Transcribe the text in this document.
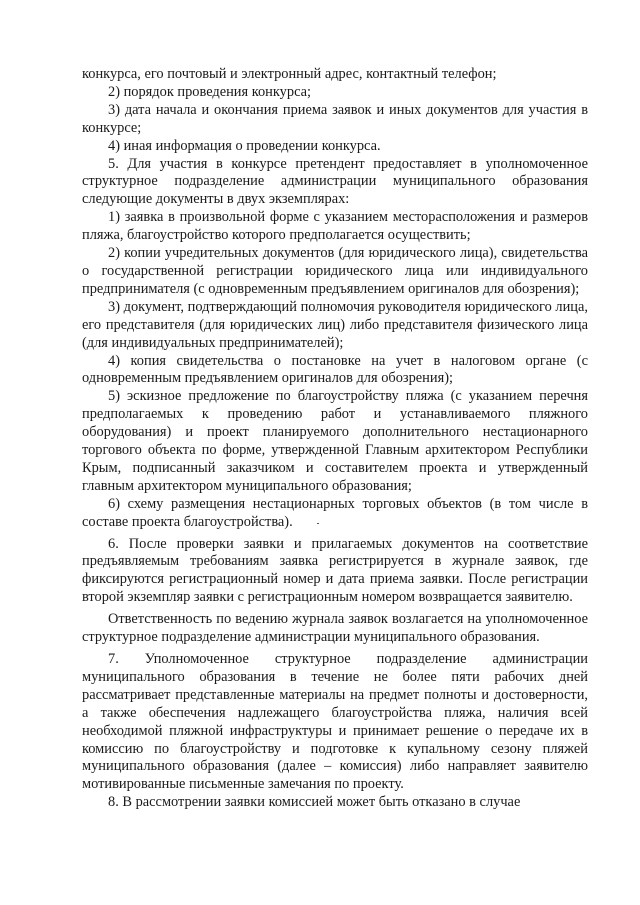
конкурса, его почтовый и электронный адрес, контактный телефон;

2) порядок проведения конкурса;

3) дата начала и окончания приема заявок и иных документов для участия в конкурсе;

4) иная информация о проведении конкурса.

5. Для участия в конкурсе претендент предоставляет в уполномоченное структурное подразделение администрации муниципального образования следующие документы в двух экземплярах:

1) заявка в произвольной форме с указанием месторасположения и размеров пляжа, благоустройство которого предполагается осуществить;

2) копии учредительных документов (для юридического лица), свидетельства о государственной регистрации юридического лица или индивидуального предпринимателя (с одновременным предъявлением оригиналов для обозрения);

3) документ, подтверждающий полномочия руководителя юридического лица, его представителя (для юридических лиц) либо представителя физического лица (для индивидуальных предпринимателей);

4) копия свидетельства о постановке на учет в налоговом органе (с одновременным предъявлением оригиналов для обозрения);

5) эскизное предложение по благоустройству пляжа (с указанием перечня предполагаемых к проведению работ и устанавливаемого пляжного оборудования) и проект планируемого дополнительного нестационарного торгового объекта по форме, утвержденной Главным архитектором Республики Крым, подписанный заказчиком и составителем проекта и утвержденный главным архитектором муниципального образования;

6) схему размещения нестационарных торговых объектов (в том числе в составе проекта благоустройства).

6. После проверки заявки и прилагаемых документов на соответствие предъявляемым требованиям заявка регистрируется в журнале заявок, где фиксируются регистрационный номер и дата приема заявки. После регистрации второй экземпляр заявки с регистрационным номером возвращается заявителю.

Ответственность по ведению журнала заявок возлагается на уполномоченное структурное подразделение администрации муниципального образования.

7. Уполномоченное структурное подразделение администрации муниципального образования в течение не более пяти рабочих дней рассматривает представленные материалы на предмет полноты и достоверности, а также обеспечения надлежащего благоустройства пляжа, наличия всей необходимой пляжной инфраструктуры и принимает решение о передаче их в комиссию по благоустройству и подготовке к купальному сезону пляжей муниципального образования (далее – комиссия) либо направляет заявителю мотивированные письменные замечания по проекту.

8. В рассмотрении заявки комиссией может быть отказано в случае
